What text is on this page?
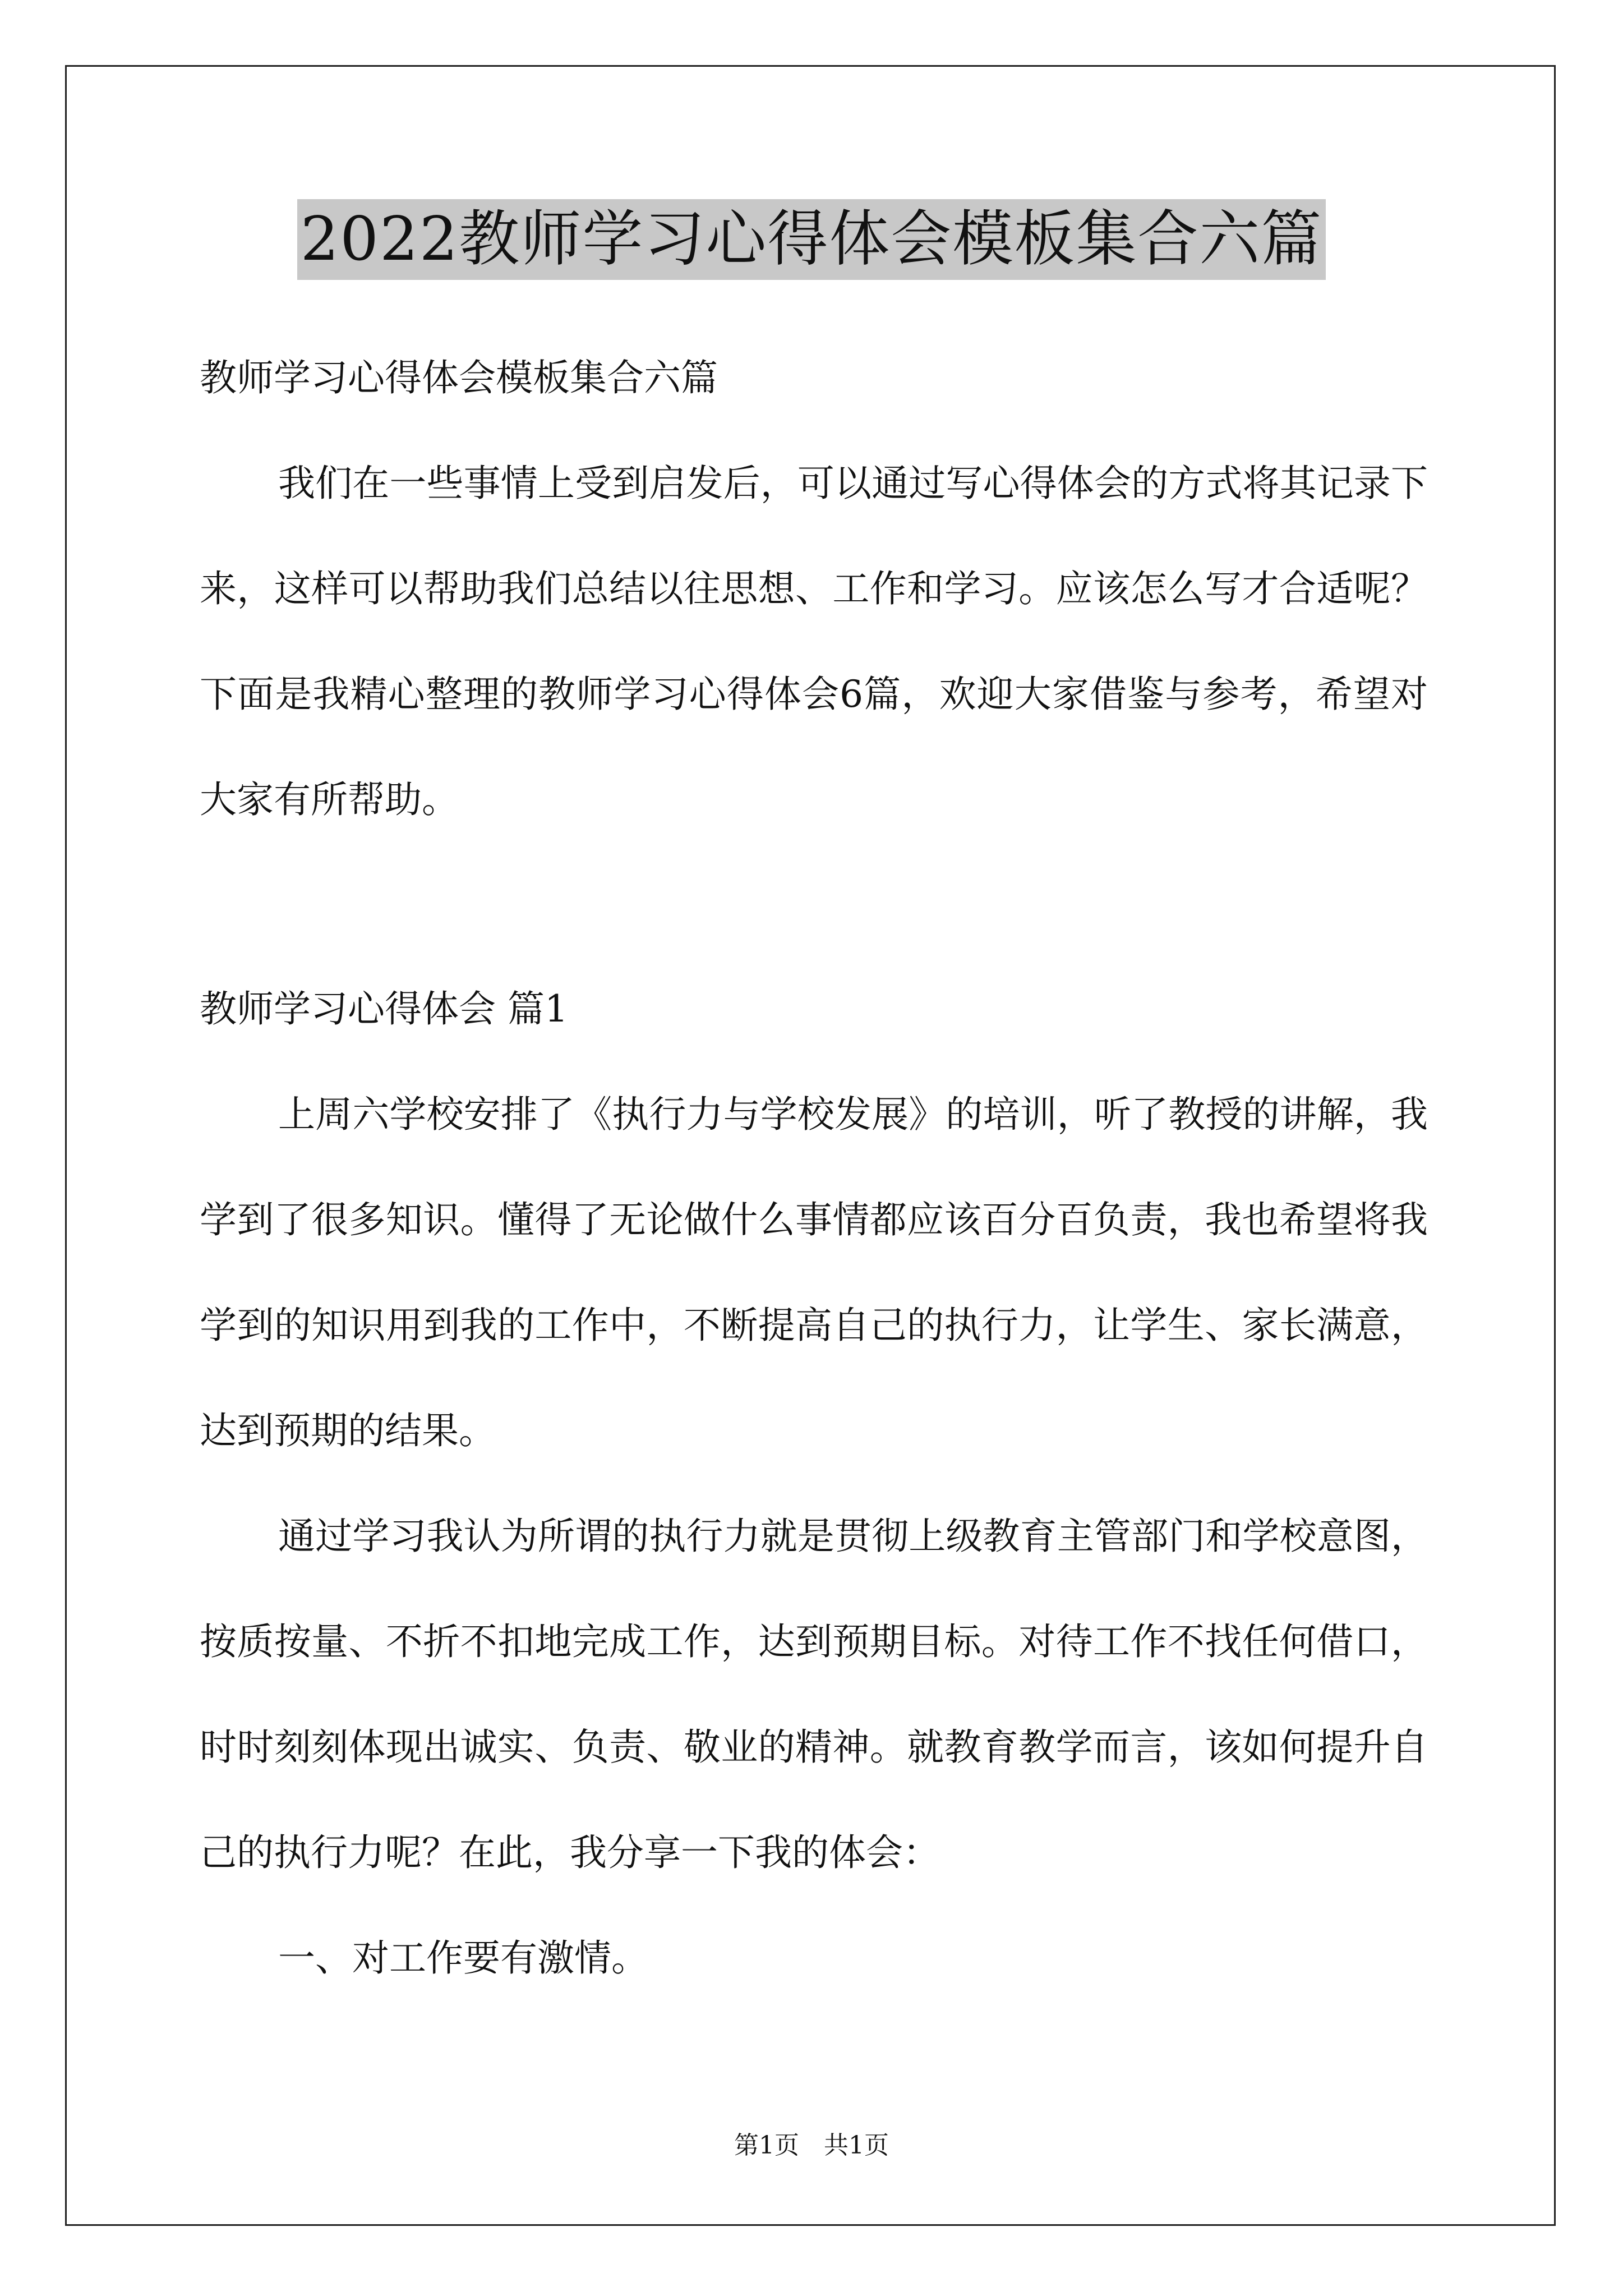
2022教师学习心得体会模板集合六篇

教师学习心得体会模板集合六篇

我们在一些事情上受到启发后，可以通过写心得体会的方式将其记录下来，这样可以帮助我们总结以往思想、工作和学习。应该怎么写才合适呢？下面是我精心整理的教师学习心得体会6篇，欢迎大家借鉴与参考，希望对大家有所帮助。

教师学习心得体会 篇1

上周六学校安排了《执行力与学校发展》的培训，听了教授的讲解，我学到了很多知识。懂得了无论做什么事情都应该百分百负责，我也希望将我学到的知识用到我的工作中，不断提高自己的执行力，让学生、家长满意，达到预期的结果。

通过学习我认为所谓的执行力就是贯彻上级教育主管部门和学校意图，按质按量、不折不扣地完成工作，达到预期目标。对待工作不找任何借口，时时刻刻体现出诚实、负责、敬业的精神。就教育教学而言，该如何提升自己的执行力呢？在此，我分享一下我的体会：

一、对工作要有激情。

第1页　共1页
